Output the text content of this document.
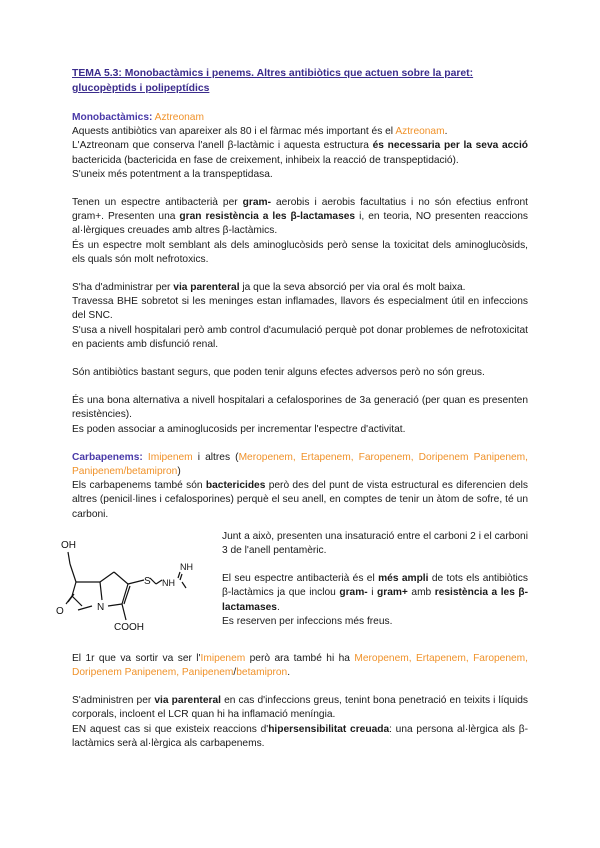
TEMA 5.3: Monobactàmics i penems. Altres antibiòtics que actuen sobre la paret:
glucopèptids i polipeptídics
Monobactàmics: Aztreonam

Aquests antibiòtics van apareixer als 80 i el fàrmac més important és el Aztreonam.

L'Aztreonam que conserva l'anell β-lactàmic i aquesta estructura és necessaria per la seva acció bactericida (bactericida en fase de creixement, inhibeix la reacció de transpeptidació).

S'uneix més potentment a la transpeptidasa.

Tenen un espectre antibacterià per gram- aerobis i aerobis facultatius i no són efectius enfront gram+. Presenten una gran resistència a les β-lactamases i, en teoria, NO presenten reaccions al·lèrgiques creuades amb altres β-lactàmics.

És un espectre molt semblant als dels aminoglucòsids però sense la toxicitat dels aminoglucòsids, els quals són molt nefrotoxics.

S'ha d'administrar per via parenteral ja que la seva absorció per via oral és molt baixa.

Travessa BHE sobretot si les meninges estan inflamades, llavors és especialment útil en infeccions del SNC.

S'usa a nivell hospitalari però amb control d'acumulació perquè pot donar problemes de nefrotoxicitat en pacients amb disfunció renal.

Són antibiòtics bastant segurs, que poden tenir alguns efectes adversos però no són greus.

És una bona alternativa a nivell hospitalari a cefalosporines de 3a generació (per quan es presenten resistències).

Es poden associar a aminoglucosids per incrementar l'espectre d'activitat.

Carbapenems: Imipenem i altres (Meropenem, Ertapenem, Faropenem, Doripenem Panipenem, Panipenem/betamipron)

Els carbapenems també són bactericides però des del punt de vista estructural es diferencien dels altres (penicil·lines i cefalosporines) perquè el seu anell, en comptes de tenir un àtom de sofre, té un carboni.

OH
N
O
S NH
NH
COOH

Junt a això, presenten una insaturació entre el carboni 2 i el carboni 3 de l'anell pentamèric.

El seu espectre antibacterià és el més ampli de tots els antibiòtics β-lactàmics ja que inclou gram- i gram+ amb resistència a les β-lactamases.

Es reserven per infeccions més freus.

El 1r que va sortir va ser l'Imipenem però ara també hi ha Meropenem, Ertapenem, Faropenem, Doripenem Panipenem, Panipenem/betamipron.

S'administren per via parenteral en cas d'infeccions greus, tenint bona penetració en teixits i líquids corporals, incloent el LCR quan hi ha inflamació meníngia.

EN aquest cas si que existeix reaccions d'hipersensibilitat creuada: una persona al·lèrgica als β-lactàmics serà al·lèrgica als carbapenems.
